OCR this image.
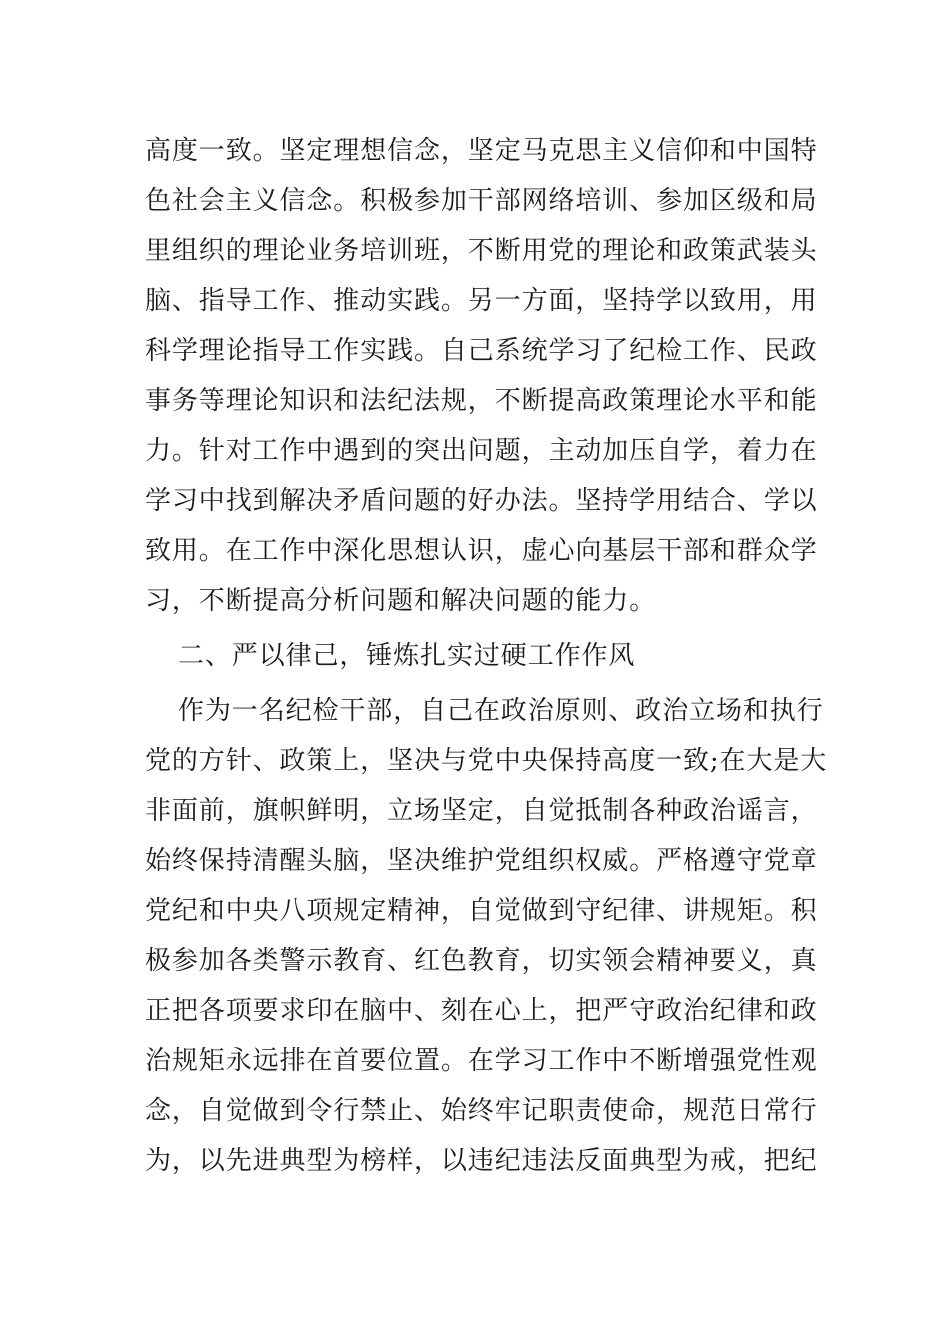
高度一致。坚定理想信念，坚定马克思主义信仰和中国特
色社会主义信念。积极参加干部网络培训、参加区级和局
里组织的理论业务培训班，不断用党的理论和政策武装头
脑、指导工作、推动实践。另一方面，坚持学以致用，用
科学理论指导工作实践。自己系统学习了纪检工作、民政
事务等理论知识和法纪法规，不断提高政策理论水平和能
力。针对工作中遇到的突出问题，主动加压自学，着力在
学习中找到解决矛盾问题的好办法。坚持学用结合、学以
致用。在工作中深化思想认识，虚心向基层干部和群众学
习，不断提高分析问题和解决问题的能力。
二、严以律己，锤炼扎实过硬工作作风
作为一名纪检干部，自己在政治原则、政治立场和执行
党的方针、政策上，坚决与党中央保持高度一致;在大是大
非面前，旗帜鲜明，立场坚定，自觉抵制各种政治谣言，
始终保持清醒头脑，坚决维护党组织权威。严格遵守党章
党纪和中央八项规定精神，自觉做到守纪律、讲规矩。积
极参加各类警示教育、红色教育，切实领会精神要义，真
正把各项要求印在脑中、刻在心上，把严守政治纪律和政
治规矩永远排在首要位置。在学习工作中不断增强党性观
念，自觉做到令行禁止、始终牢记职责使命，规范日常行
为，以先进典型为榜样，以违纪违法反面典型为戒，把纪
